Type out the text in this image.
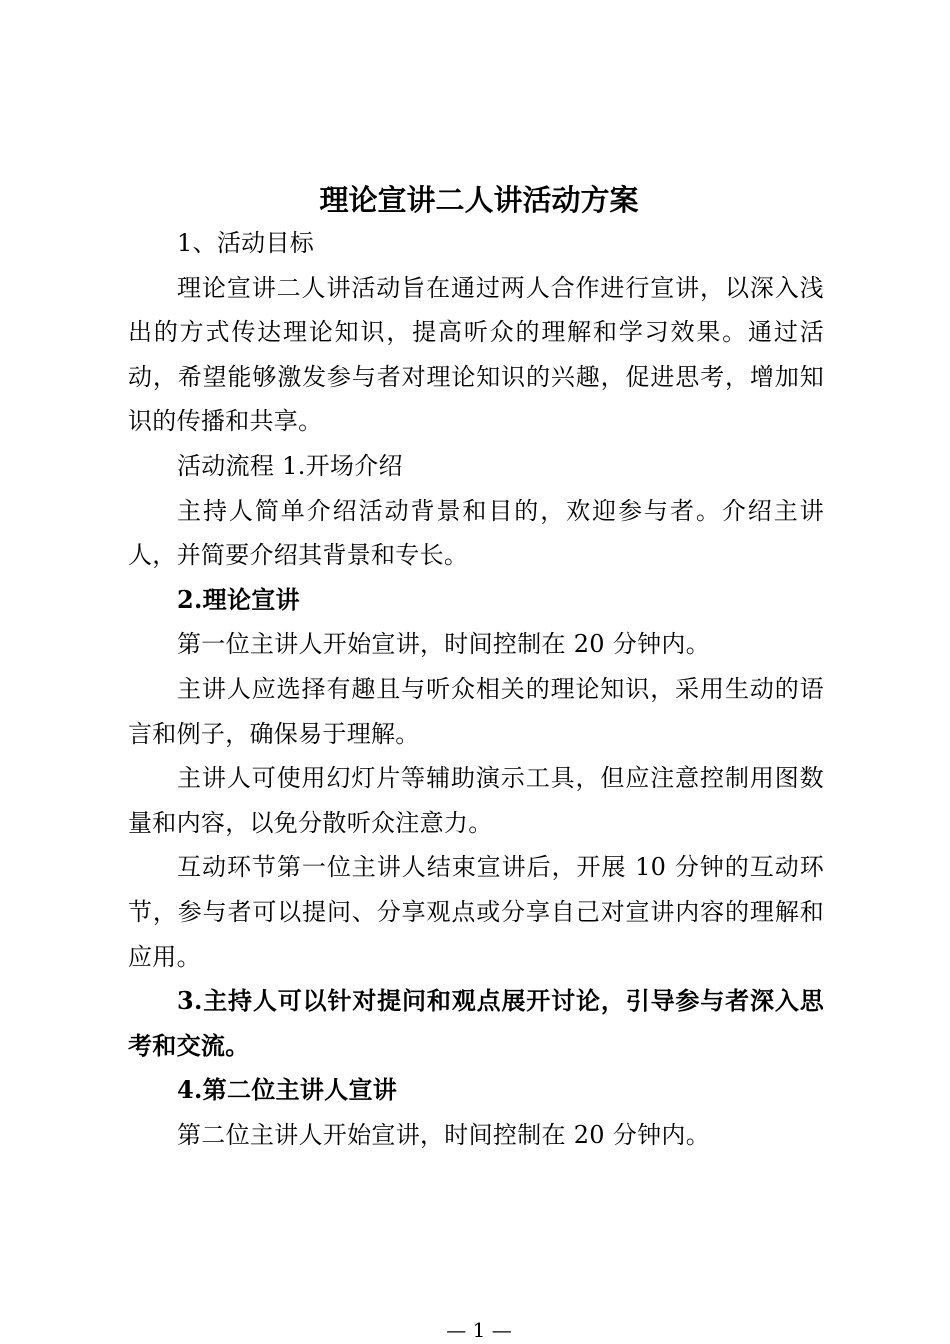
理论宣讲二人讲活动方案

1、活动目标

理论宣讲二人讲活动旨在通过两人合作进行宣讲，以深入浅出的方式传达理论知识，提高听众的理解和学习效果。通过活动，希望能够激发参与者对理论知识的兴趣，促进思考，增加知识的传播和共享。

活动流程 1.开场介绍

主持人简单介绍活动背景和目的，欢迎参与者。介绍主讲人，并简要介绍其背景和专长。

2.理论宣讲

第一位主讲人开始宣讲，时间控制在 20 分钟内。

主讲人应选择有趣且与听众相关的理论知识，采用生动的语言和例子，确保易于理解。

主讲人可使用幻灯片等辅助演示工具，但应注意控制用图数量和内容，以免分散听众注意力。

互动环节第一位主讲人结束宣讲后，开展 10 分钟的互动环节，参与者可以提问、分享观点或分享自己对宣讲内容的理解和应用。

3.主持人可以针对提问和观点展开讨论，引导参与者深入思考和交流。

4.第二位主讲人宣讲

第二位主讲人开始宣讲，时间控制在 20 分钟内。

— 1 —
